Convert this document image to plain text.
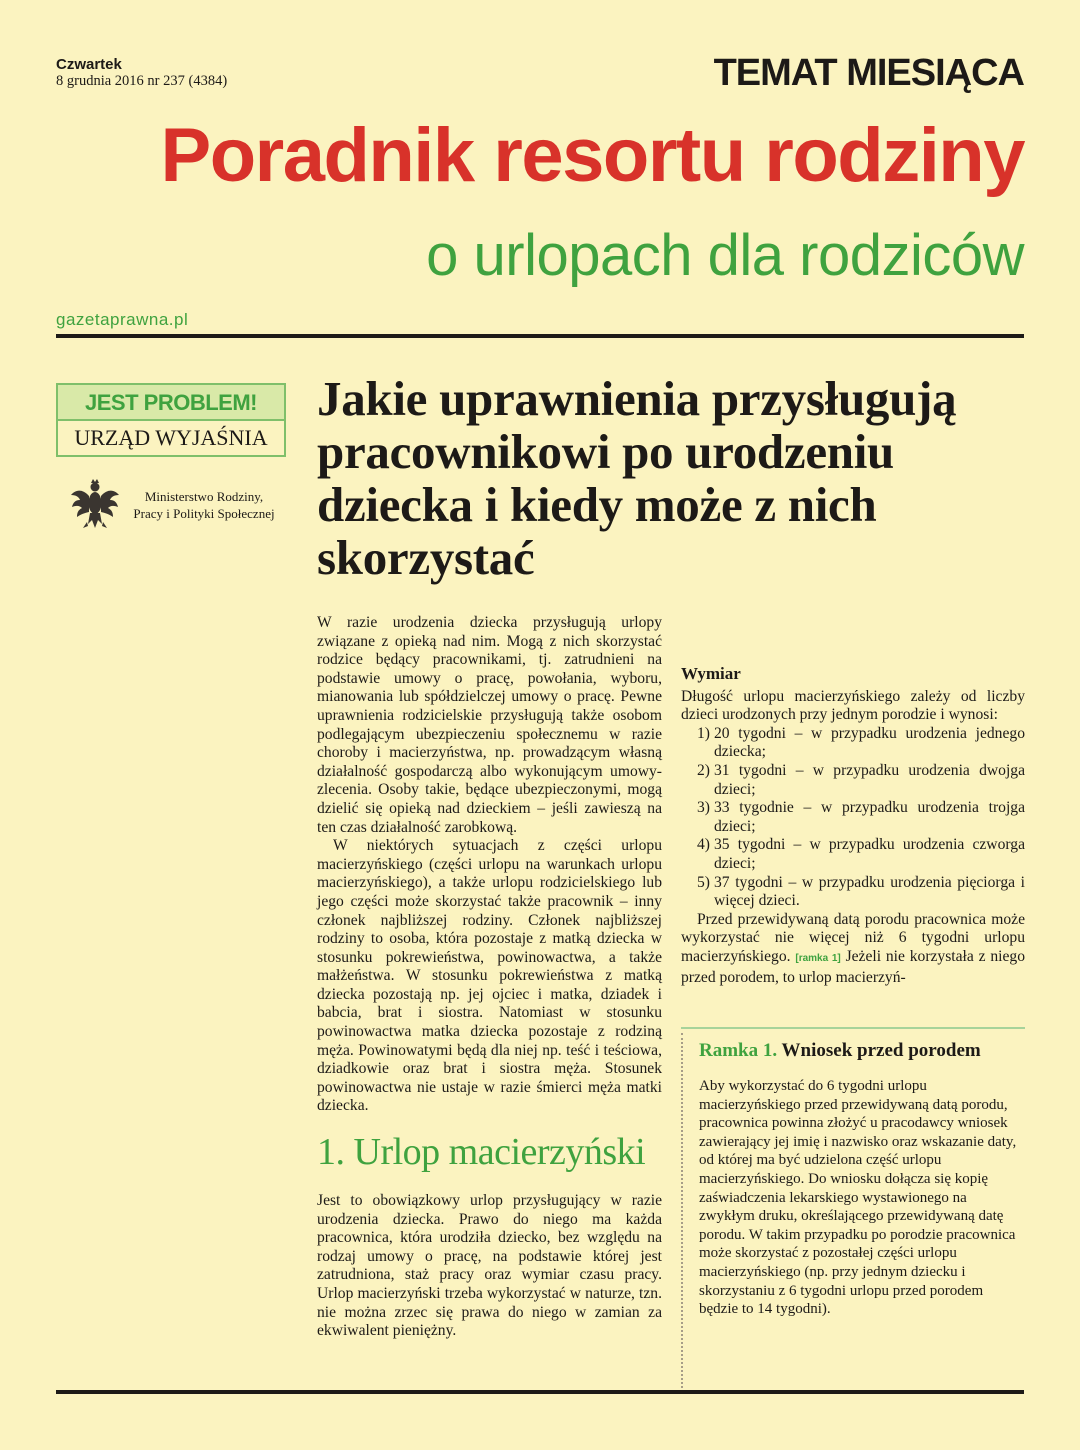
Czwartek
8 grudnia 2016 nr 237 (4384)	TEMAT MIESIĄCA
Poradnik resortu rodziny
o urlopach dla rodziców
gazetaprawna.pl
JEST PROBLEM!
URZĄD WYJAŚNIA
Ministerstwo Rodziny,
Pracy i Polityki Społecznej
Jakie uprawnienia przysługują pracownikowi po urodzeniu dziecka i kiedy może z nich skorzystać

W razie urodzenia dziecka przysługują urlopy związane z opieką nad nim. Mogą z nich skorzystać rodzice będący pracownikami, tj. zatrudnieni na podstawie umowy o pracę, powołania, wyboru, mianowania lub spółdzielczej umowy o pracę. Pewne uprawnienia rodzicielskie przysługują także osobom podlegającym ubezpieczeniu społecznemu w razie choroby i macierzyństwa, np. prowadzącym własną działalność gospodarczą albo wykonującym umowy-zlecenia. Osoby takie, będące ubezpieczonymi, mogą dzielić się opieką nad dzieckiem – jeśli zawieszą na ten czas działalność zarobkową.

W niektórych sytuacjach z części urlopu macierzyńskiego (części urlopu na warunkach urlopu macierzyńskiego), a także urlopu rodzicielskiego lub jego części może skorzystać także pracownik – inny członek najbliższej rodziny. Członek najbliższej rodziny to osoba, która pozostaje z matką dziecka w stosunku pokrewieństwa, powinowactwa, a także małżeństwa. W stosunku pokrewieństwa z matką dziecka pozostają np. jej ojciec i matka, dziadek i babcia, brat i siostra. Natomiast w stosunku powinowactwa matka dziecka pozostaje z rodziną męża. Powinowatymi będą dla niej np. teść i teściowa, dziadkowie oraz brat i siostra męża. Stosunek powinowactwa nie ustaje w razie śmierci męża matki dziecka.

1. Urlop macierzyński

Jest to obowiązkowy urlop przysługujący w razie urodzenia dziecka. Prawo do niego ma każda pracownica, która urodziła dziecko, bez względu na rodzaj umowy o pracę, na podstawie której jest zatrudniona, staż pracy oraz wymiar czasu pracy. Urlop macierzyński trzeba wykorzystać w naturze, tzn. nie można zrzec się prawa do niego w zamian za ekwiwalent pieniężny.

Wymiar

Długość urlopu macierzyńskiego zależy od liczby dzieci urodzonych przy jednym porodzie i wynosi:

1) 20 tygodni – w przypadku urodzenia jednego dziecka;
2) 31 tygodni – w przypadku urodzenia dwojga dzieci;
3) 33 tygodnie – w przypadku urodzenia trojga dzieci;
4) 35 tygodni – w przypadku urodzenia czworga dzieci;
5) 37 tygodni – w przypadku urodzenia pięciorga i więcej dzieci.

Przed przewidywaną datą porodu pracownica może wykorzystać nie więcej niż 6 tygodni urlopu macierzyńskiego. [ramka 1] Jeżeli nie korzystała z niego przed porodem, to urlop macierzyń-

Ramka 1. Wniosek przed porodem
Aby wykorzystać do 6 tygodni urlopu macierzyńskiego przed przewidywaną datą porodu, pracownica powinna złożyć u pracodawcy wniosek zawierający jej imię i nazwisko oraz wskazanie daty, od której ma być udzielona część urlopu macierzyńskiego. Do wniosku dołącza się kopię zaświadczenia lekarskiego wystawionego na zwykłym druku, określającego przewidywaną datę porodu. W takim przypadku po porodzie pracownica może skorzystać z pozostałej części urlopu macierzyńskiego (np. przy jednym dziecku i skorzystaniu z 6 tygodni urlopu przed porodem będzie to 14 tygodni).
